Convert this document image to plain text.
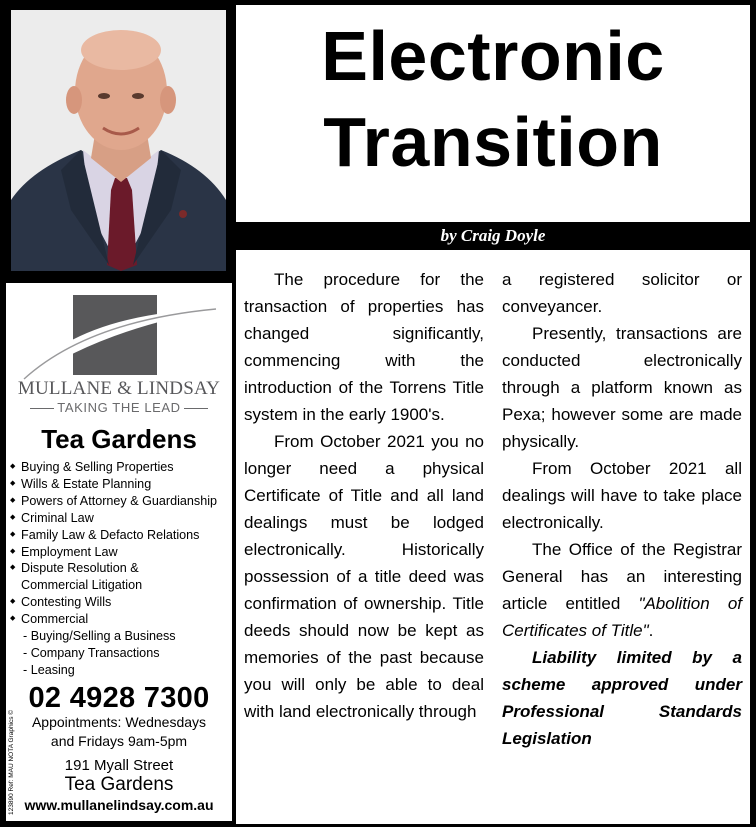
MULLANE & LINDSAY
TAKING THE LEAD
Tea Gardens
◆ Buying & Selling Properties
◆ Wills & Estate Planning
◆ Powers of Attorney & Guardianship
◆ Criminal Law
◆ Family Law & Defacto Relations
◆ Employment Law
◆ Dispute Resolution &
Commercial Litigation
◆ Contesting Wills
◆ Commercial
- Buying/Selling a Business
- Company Transactions
- Leasing
123890 Ref: MAU NOTA Graphics ©
02 4928 7300
Appointments: Wednesdays
and Fridays 9am-5pm
191 Myall Street
Tea Gardens
www.mullanelindsay.com.au
Electronic
Transition
by Craig Doyle

The procedure for the transaction of properties has changed significantly, commencing with the introduction of the Torrens Title system in the early 1900's.

From October 2021 you no longer need a physical Certificate of Title and all land dealings must be lodged electronically. Historically possession of a title deed was confirmation of ownership. Title deeds should now be kept as memories of the past because you will only be able to deal with land electronically through

a registered solicitor or conveyancer.

Presently, transactions are conducted electronically through a platform known as Pexa; however some are made physically.

From October 2021 all dealings will have to take place electronically.

The Office of the Registrar General has an interesting article entitled "Abolition of Certificates of Title".

Liability limited by a scheme approved under Professional Standards Legislation
